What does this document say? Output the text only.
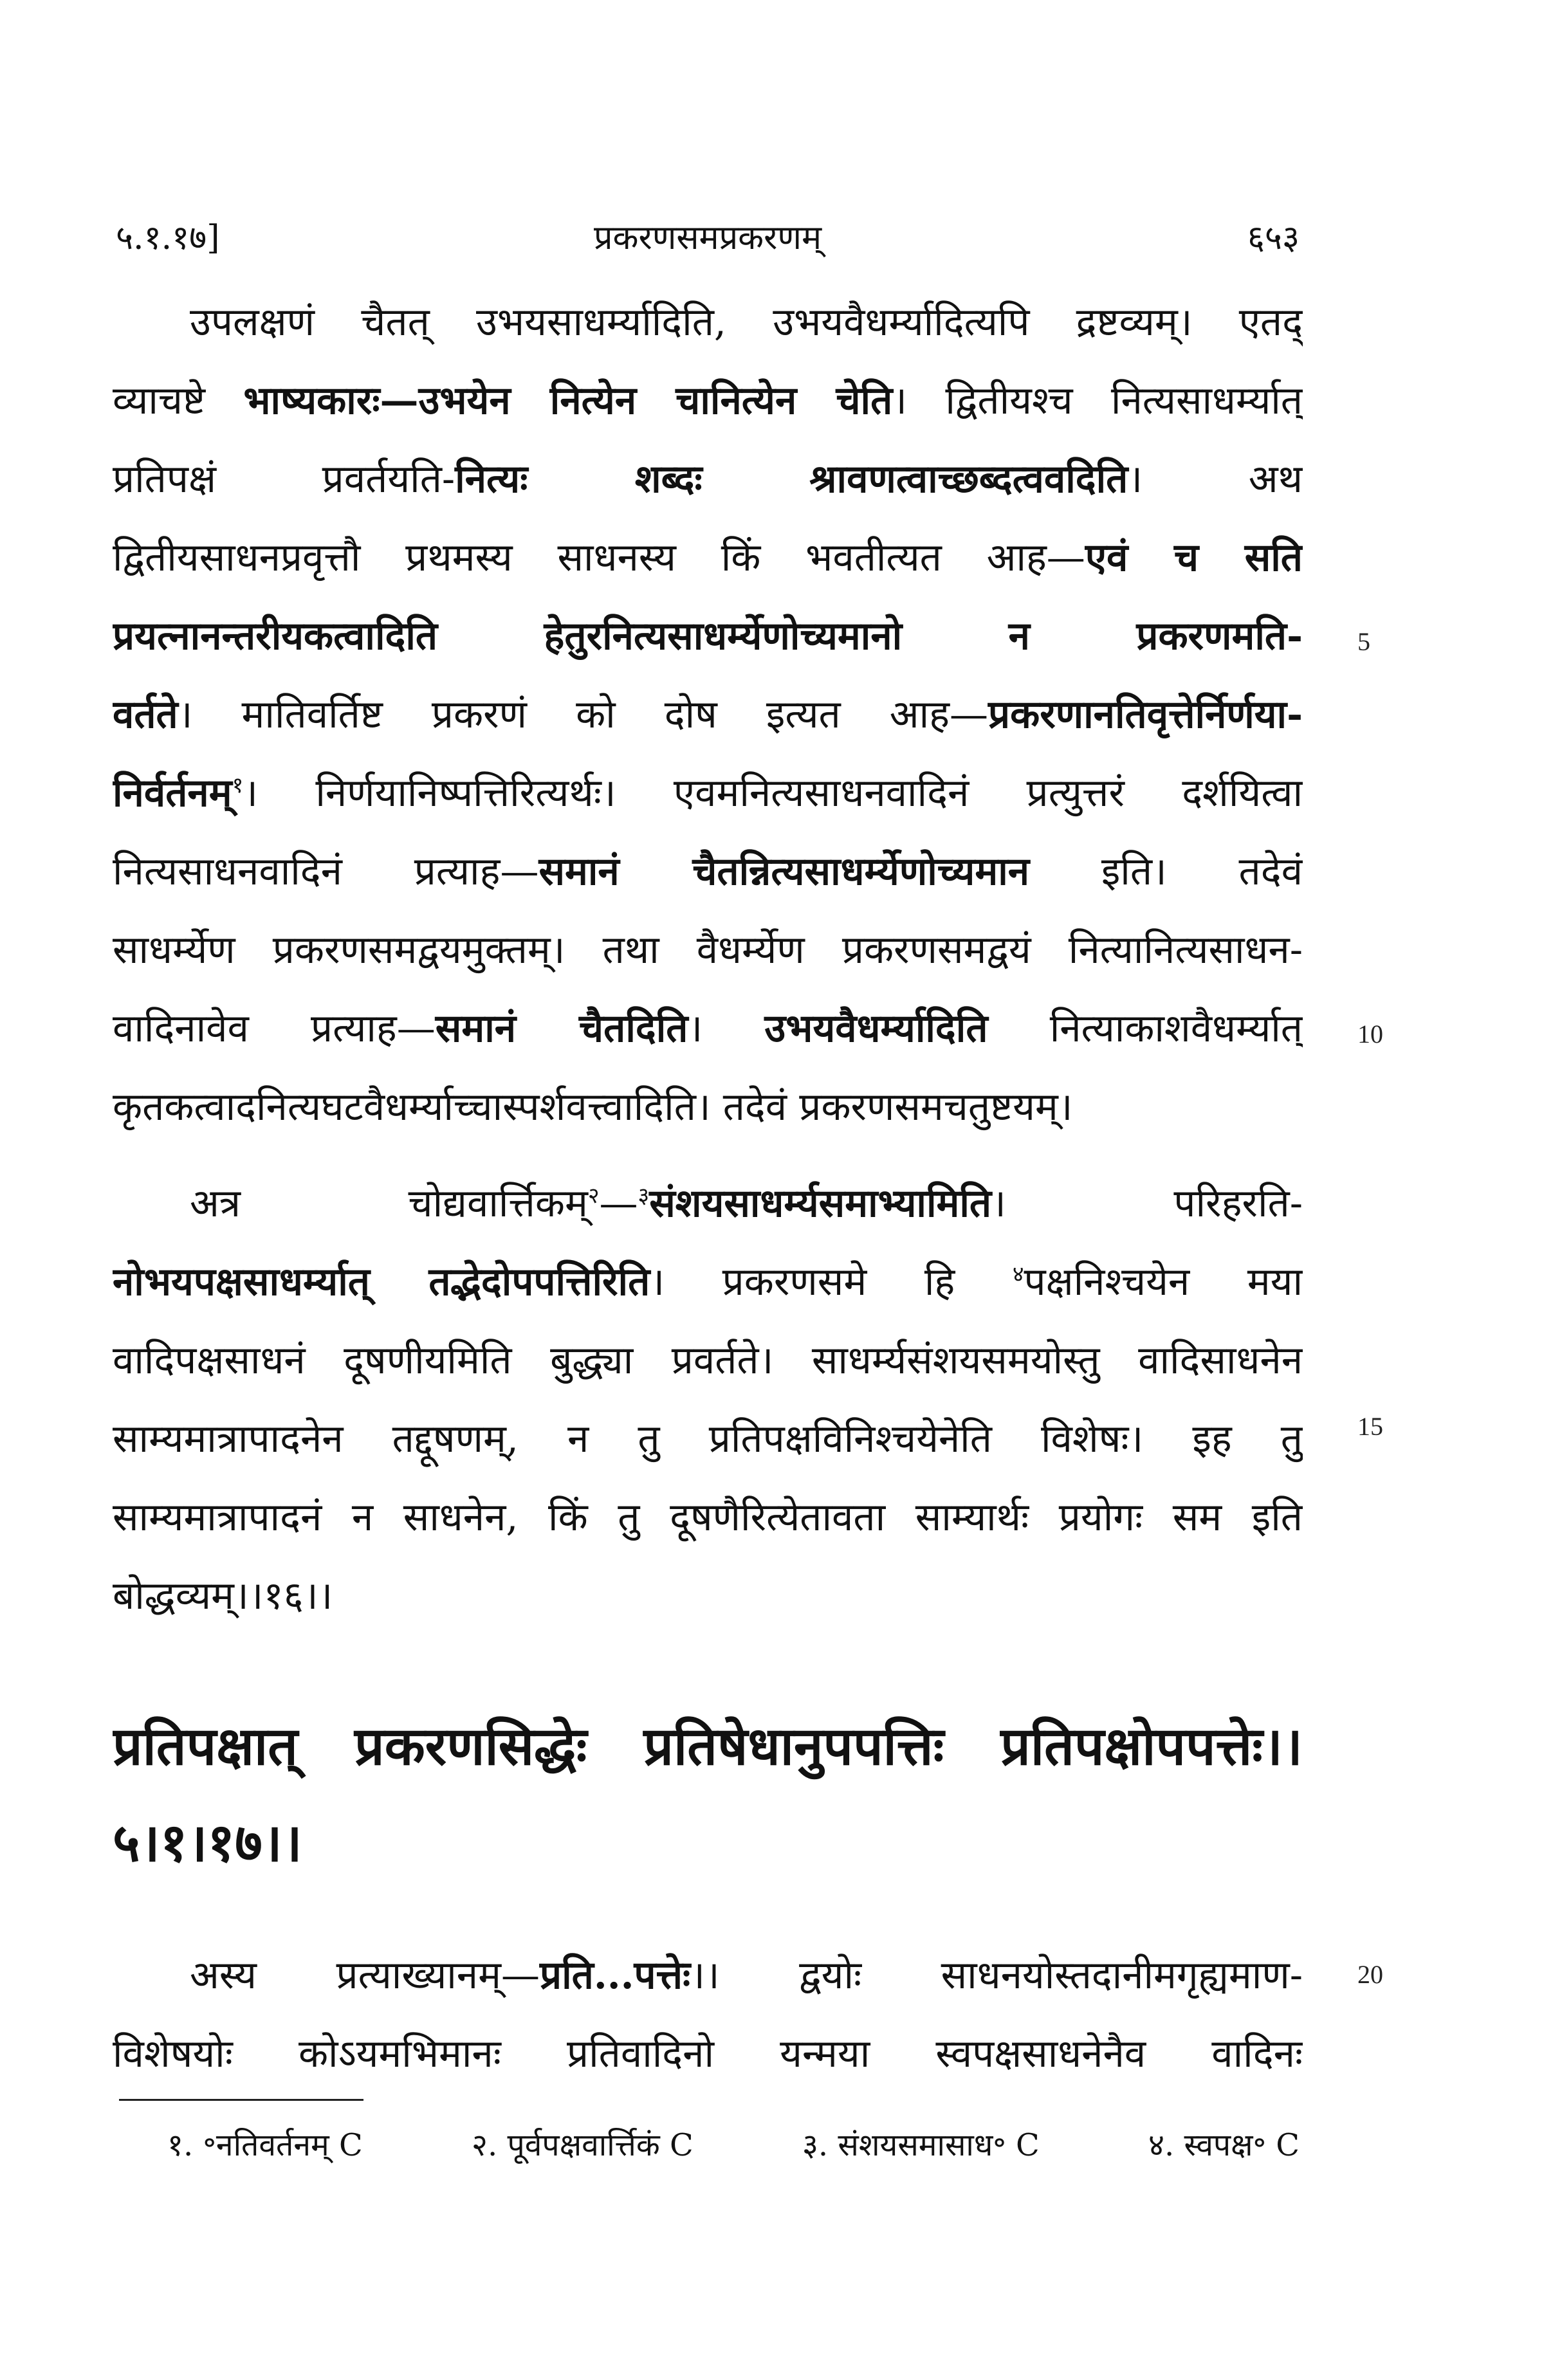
५.१.१७]	प्रकरणसमप्रकरणम्	६५३
उपलक्षणं चैतत् उभयसाधर्म्यादिति, उभयवैधर्म्यादित्यपि द्रष्टव्यम्। एतद्
व्याचष्टे भाष्यकारः—उभयेन नित्येन चानित्येन चेति। द्वितीयश्च नित्यसाधर्म्यात्
प्रतिपक्षं प्रवर्तयति-नित्यः शब्दः श्रावणत्वाच्छब्दत्ववदिति। अथ
द्वितीयसाधनप्रवृत्तौ प्रथमस्य साधनस्य किं भवतीत्यत आह—एवं च सति
प्रयत्नानन्तरीयकत्वादिति हेतुरनित्यसाधर्म्येणोच्यमानो न प्रकरणमति-
वर्तते। मातिवर्तिष्ट प्रकरणं को दोष इत्यत आह—प्रकरणानतिवृत्तेर्निर्णया-
निर्वर्तनम्$^१$। निर्णयानिष्पत्तिरित्यर्थः। एवमनित्यसाधनवादिनं प्रत्युत्तरं दर्शयित्वा
नित्यसाधनवादिनं प्रत्याह—समानं चैतन्नित्यसाधर्म्येणोच्यमान इति। तदेवं
साधर्म्येण प्रकरणसमद्वयमुक्तम्। तथा वैधर्म्येण प्रकरणसमद्वयं नित्यानित्यसाधन-
वादिनावेव प्रत्याह—समानं चैतदिति। उभयवैधर्म्यादिति नित्याकाशवैधर्म्यात्
कृतकत्वादनित्यघटवैधर्म्याच्चास्पर्शवत्त्वादिति। तदेवं प्रकरणसमचतुष्टयम्।
अत्र चोद्यवार्त्तिकम्$^२$—$^३$संशयसाधर्म्यसमाभ्यामिति। परिहरति-
नोभयपक्षसाधर्म्यात् तद्भेदोपपत्तिरिति। प्रकरणसमे हि $^४$पक्षनिश्चयेन मया
वादिपक्षसाधनं दूषणीयमिति बुद्ध्या प्रवर्तते। साधर्म्यसंशयसमयोस्तु वादिसाधनेन
साम्यमात्रापादनेन तद्दूषणम्, न तु प्रतिपक्षविनिश्चयेनेति विशेषः। इह तु
साम्यमात्रापादनं न साधनेन, किं तु दूषणैरित्येतावता साम्यार्थः प्रयोगः सम इति
बोद्धव्यम्।।१६।।
प्रतिपक्षात् प्रकरणसिद्धेः प्रतिषेधानुपपत्तिः प्रतिपक्षोपपत्तेः।।
५।१।१७।।
अस्य प्रत्याख्यानम्—प्रति...पत्तेः।। द्वयोः साधनयोस्तदानीमगृह्यमाण-
विशेषयोः कोऽयमभिमानः प्रतिवादिनो यन्मया स्वपक्षसाधनेनैव वादिनः
5
10
15
20
१. ॰नतिवर्तनम् C	२. पूर्वपक्षवार्त्तिकं C	३. संशयसमासाध॰ C	४. स्वपक्ष॰ C
